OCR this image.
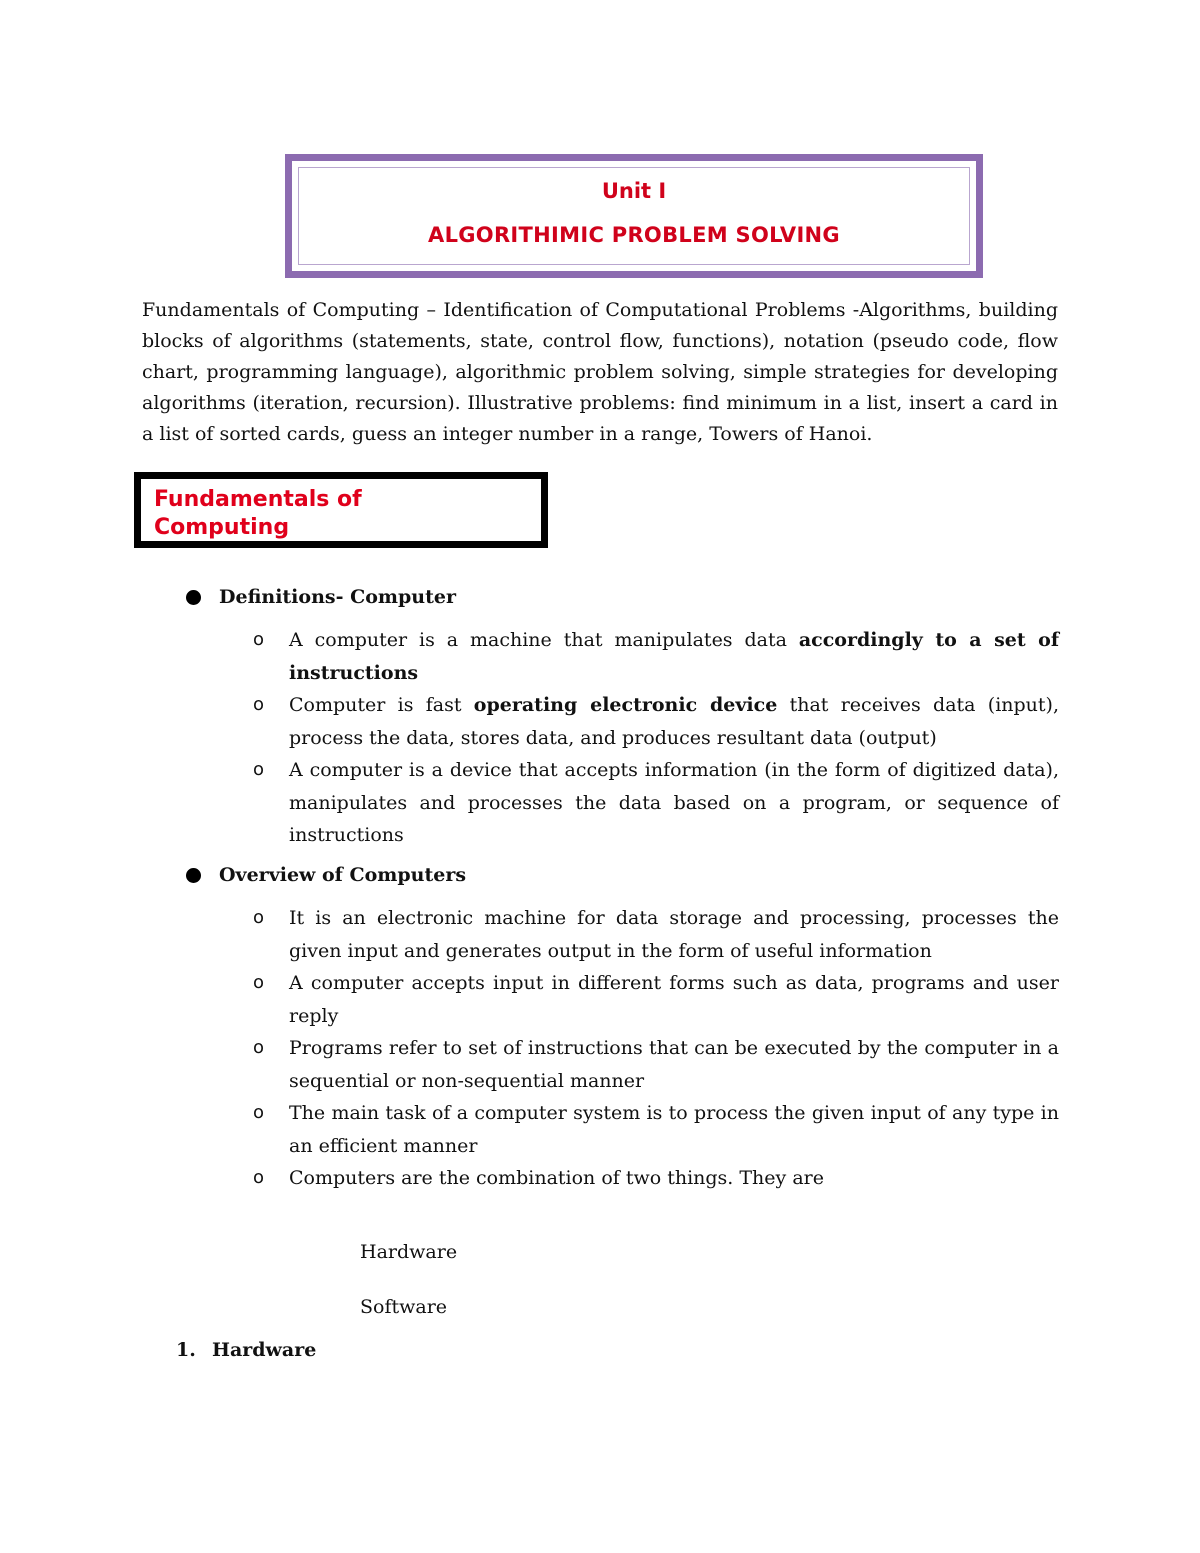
Unit I
ALGORITHIMIC PROBLEM SOLVING
Fundamentals of Computing – Identification of Computational Problems -Algorithms, building blocks of algorithms (statements, state, control flow, functions), notation (pseudo code, flow chart, programming language), algorithmic problem solving, simple strategies for developing algorithms (iteration, recursion). Illustrative problems: find minimum in a list, insert a card in a list of sorted cards, guess an integer number in a range, Towers of Hanoi.
Fundamentals of Computing
Definitions- Computer
o A computer is a machine that manipulates data accordingly to a set of instructions
o Computer is fast operating electronic device that receives data (input), process the data, stores data, and produces resultant data (output)
o A computer is a device that accepts information (in the form of digitized data), manipulates and processes the data based on a program, or sequence of instructions
Overview of Computers
o It is an electronic machine for data storage and processing, processes the given input and generates output in the form of useful information
o A computer accepts input in different forms such as data, programs and user reply
o Programs refer to set of instructions that can be executed by the computer in a sequential or non-sequential manner
o The main task of a computer system is to process the given input of any type in an efficient manner
o Computers are the combination of two things. They are
Hardware
Software
1. Hardware
